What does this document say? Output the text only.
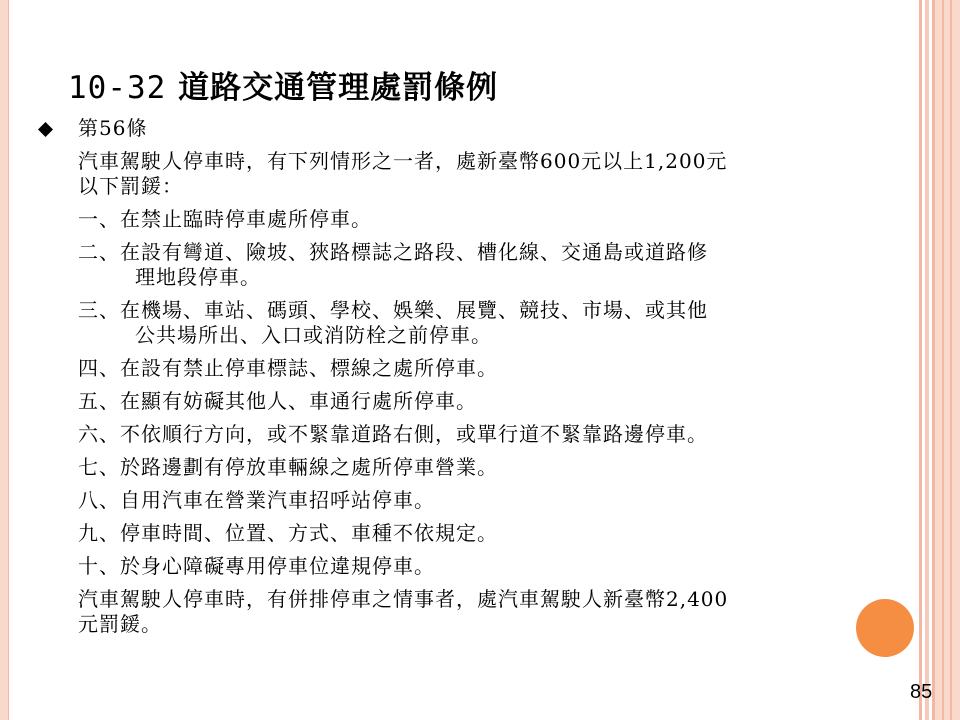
10-32 道路交通管理處罰條例
第56條
汽車駕駛人停車時，有下列情形之一者，處新臺幣600元以上1,200元
以下罰鍰：
一、在禁止臨時停車處所停車。
二、在設有彎道、險坡、狹路標誌之路段、槽化線、交通島或道路修
理地段停車。
三、在機場、車站、碼頭、學校、娛樂、展覽、競技、市場、或其他
公共場所出、入口或消防栓之前停車。
四、在設有禁止停車標誌、標線之處所停車。
五、在顯有妨礙其他人、車通行處所停車。
六、不依順行方向，或不緊靠道路右側，或單行道不緊靠路邊停車。
七、於路邊劃有停放車輛線之處所停車營業。
八、自用汽車在營業汽車招呼站停車。
九、停車時間、位置、方式、車種不依規定。
十、於身心障礙專用停車位違規停車。
汽車駕駛人停車時，有併排停車之情事者，處汽車駕駛人新臺幣2,400
元罰鍰。
85
